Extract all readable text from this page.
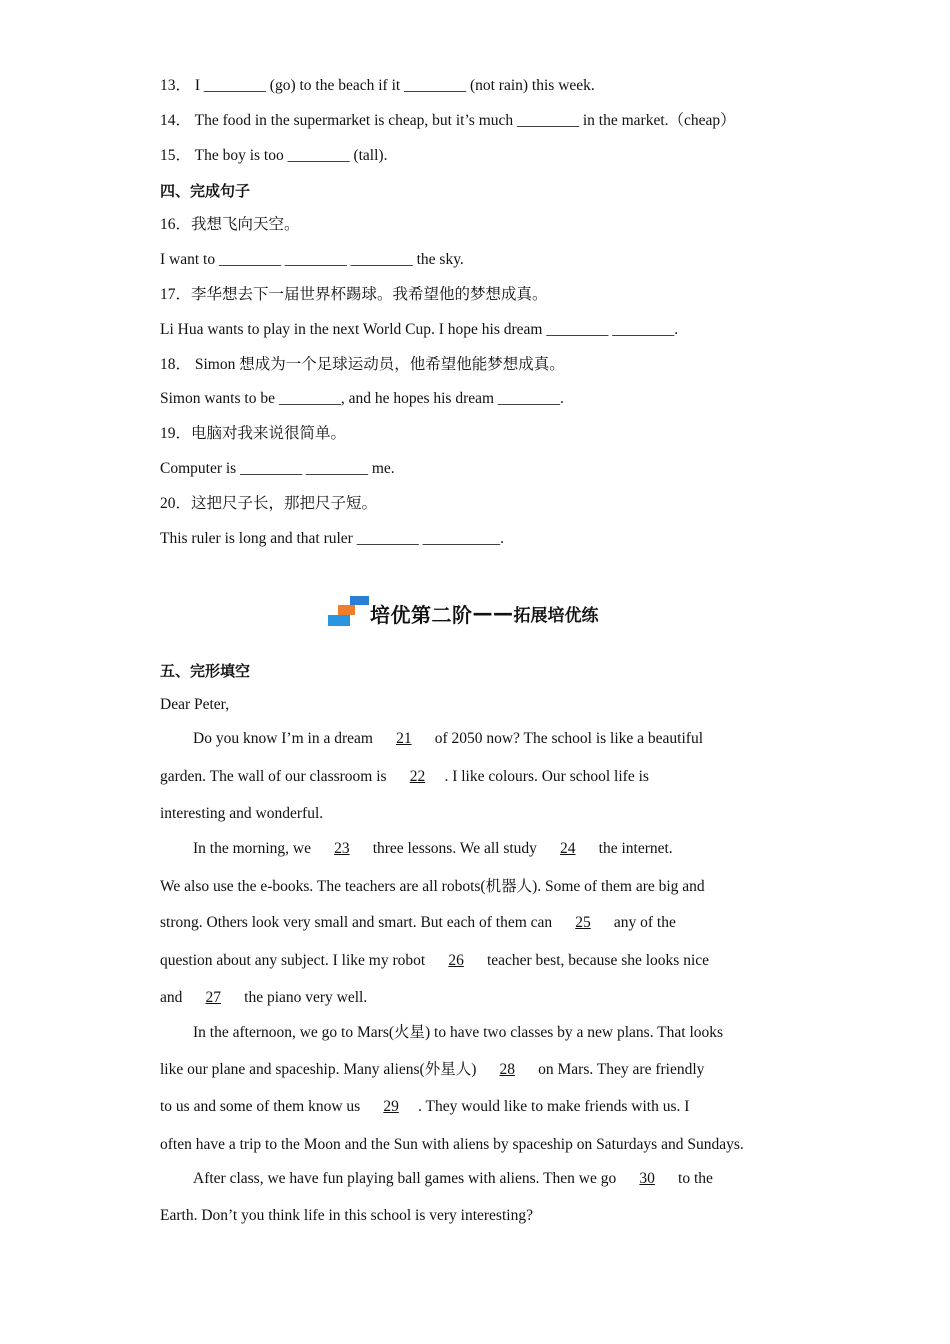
13． I ________ (go) to the beach if it ________ (not rain) this week.
14． The food in the supermarket is cheap, but it’s much ________ in the market.（cheap）
15． The boy is too ________ (tall).
四、完成句子
16．我想飞向天空。
I want to ________ ________ ________ the sky.
17．李华想去下一届世界杯踢球。我希望他的梦想成真。
Li Hua wants to play in the next World Cup. I hope his dream ________ ________.
18． Simon 想成为一个足球运动员，他希望他能梦想成真。
Simon wants to be ________, and he hopes his dream ________.
19．电脑对我来说很简单。
Computer is ________ ________ me.
20．这把尺子长，那把尺子短。
This ruler is long and that ruler ________ __________.
培优第二阶 —— 拓展培优练
五、完形填空
Dear Peter,
Do you know I’m in a dream 21 of 2050 now? The school is like a beautiful
garden. The wall of our classroom is 22 . I like colours. Our school life is
interesting and wonderful.
In the morning, we 23 three lessons. We all study 24 the internet.
We also use the e-books. The teachers are all robots(机器人). Some of them are big and
strong. Others look very small and smart. But each of them can 25 any of the
question about any subject. I like my robot 26 teacher best, because she looks nice
and 27 the piano very well.
In the afternoon, we go to Mars(火星) to have two classes by a new plans. That looks
like our plane and spaceship. Many aliens(外星人) 28 on Mars. They are friendly
to us and some of them know us 29 . They would like to make friends with us. I
often have a trip to the Moon and the Sun with aliens by spaceship on Saturdays and Sundays.
After class, we have fun playing ball games with aliens. Then we go 30 to the
Earth. Don’t you think life in this school is very interesting?
